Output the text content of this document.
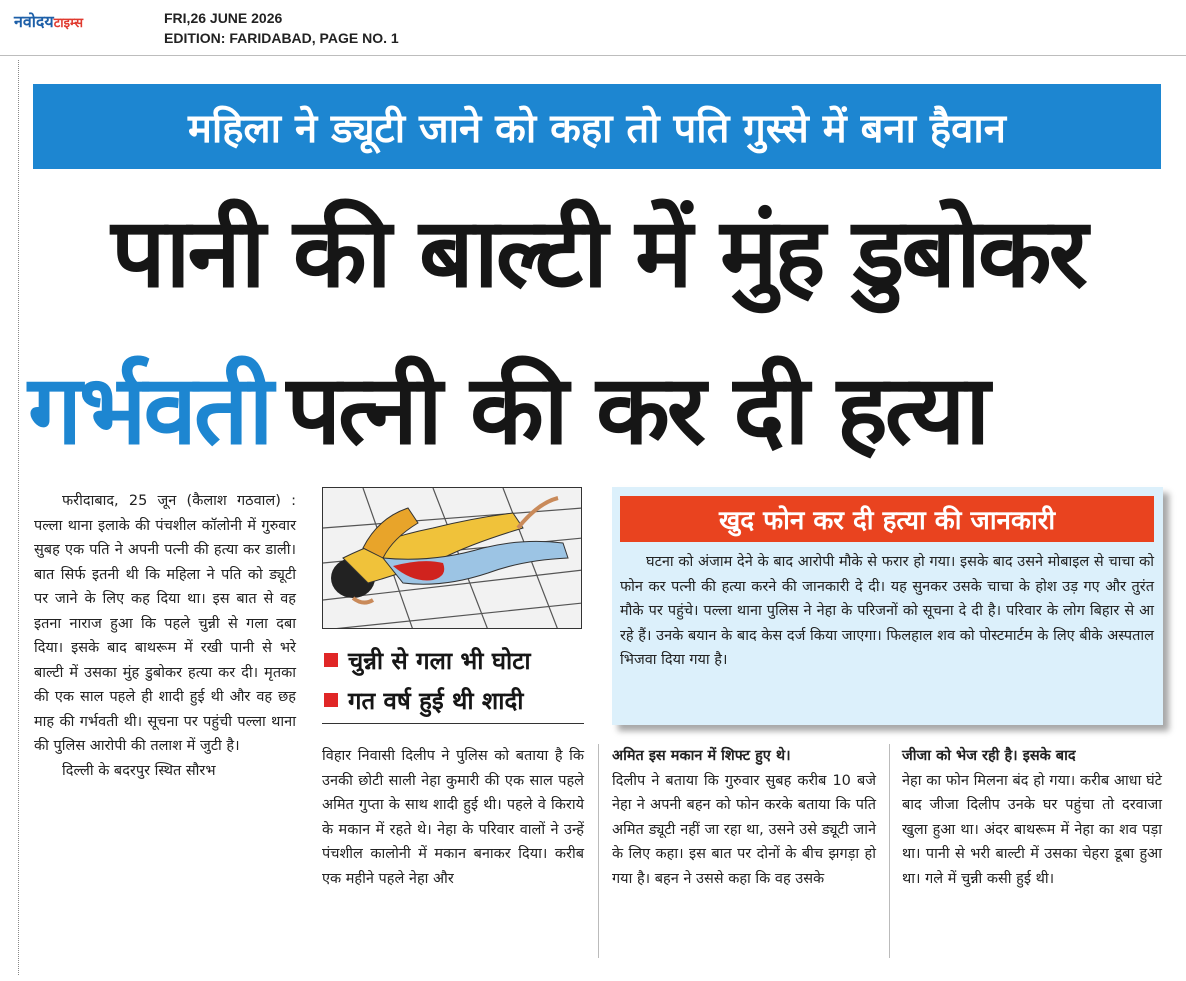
नवोदयटाइम्स	FRI,26 JUNE 2026
EDITION: FARIDABAD, PAGE NO. 1
महिला ने ड्यूटी जाने को कहा तो पति गुस्से में बना हैवान
पानी की बाल्टी में मुंह डुबोकर
गर्भवती पत्नी की कर दी हत्या

फरीदाबाद, 25 जून (कैलाश गठवाल) : पल्ला थाना इलाके की पंचशील कॉलोनी में गुरुवार सुबह एक पति ने अपनी पत्नी की हत्या कर डाली। बात सिर्फ इतनी थी कि महिला ने पति को ड्यूटी पर जाने के लिए कह दिया था। इस बात से वह इतना नाराज हुआ कि पहले चुन्नी से गला दबा दिया। इसके बाद बाथरूम में रखी पानी से भरे बाल्टी में उसका मुंह डुबोकर हत्या कर दी। मृतका की एक साल पहले ही शादी हुई थी और वह छह माह की गर्भवती थी। सूचना पर पहुंची पल्ला थाना की पुलिस आरोपी की तलाश में जुटी है।

दिल्ली के बदरपुर स्थित सौरभ

चुन्नी से गला भी घोटा
गत वर्ष हुई थी शादी
खुद फोन कर दी हत्या की जानकारी
घटना को अंजाम देने के बाद आरोपी मौके से फरार हो गया। इसके बाद उसने मोबाइल से चाचा को फोन कर पत्नी की हत्या करने की जानकारी दे दी। यह सुनकर उसके चाचा के होश उड़ गए और तुरंत मौके पर पहुंचे। पल्ला थाना पुलिस ने नेहा के परिजनों को सूचना दे दी है। परिवार के लोग बिहार से आ रहे हैं। उनके बयान के बाद केस दर्ज किया जाएगा। फिलहाल शव को पोस्टमार्टम के लिए बीके अस्पताल भिजवा दिया गया है।

विहार निवासी दिलीप ने पुलिस को बताया है कि उनकी छोटी साली नेहा कुमारी की एक साल पहले अमित गुप्ता के साथ शादी हुई थी। पहले वे किराये के मकान में रहते थे। नेहा के परिवार वालों ने उन्हें पंचशील कालोनी में मकान बनाकर दिया। करीब एक महीने पहले नेहा और

अमित इस मकान में शिफ्ट हुए थे।

दिलीप ने बताया कि गुरुवार सुबह करीब 10 बजे नेहा ने अपनी बहन को फोन करके बताया कि पति अमित ड्यूटी नहीं जा रहा था, उसने उसे ड्यूटी जाने के लिए कहा। इस बात पर दोनों के बीच झगड़ा हो गया है। बहन ने उससे कहा कि वह उसके

जीजा को भेज रही है। इसके बाद

नेहा का फोन मिलना बंद हो गया। करीब आधा घंटे बाद जीजा दिलीप उनके घर पहुंचा तो दरवाजा खुला हुआ था। अंदर बाथरूम में नेहा का शव पड़ा था। पानी से भरी बाल्टी में उसका चेहरा डूबा हुआ था। गले में चुन्नी कसी हुई थी।
